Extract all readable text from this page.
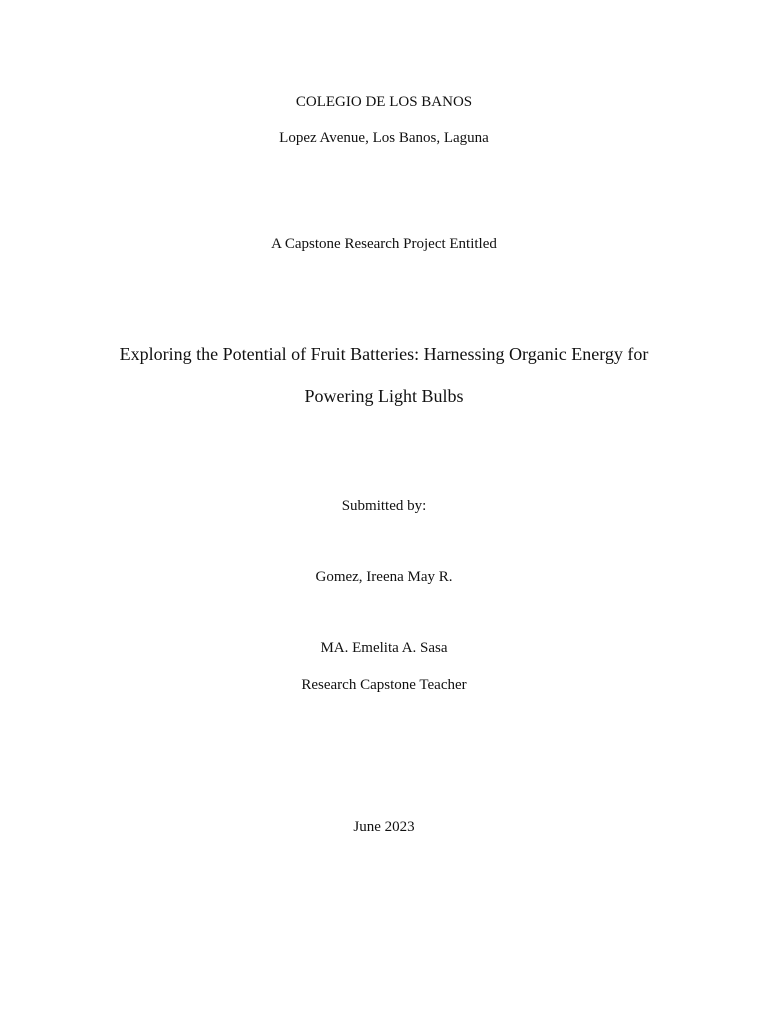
COLEGIO DE LOS BANOS
Lopez Avenue, Los Banos, Laguna
A Capstone Research Project Entitled
Exploring the Potential of Fruit Batteries: Harnessing Organic Energy for
Powering Light Bulbs
Submitted by:
Gomez, Ireena May R.
MA. Emelita A. Sasa
Research Capstone Teacher
June 2023
